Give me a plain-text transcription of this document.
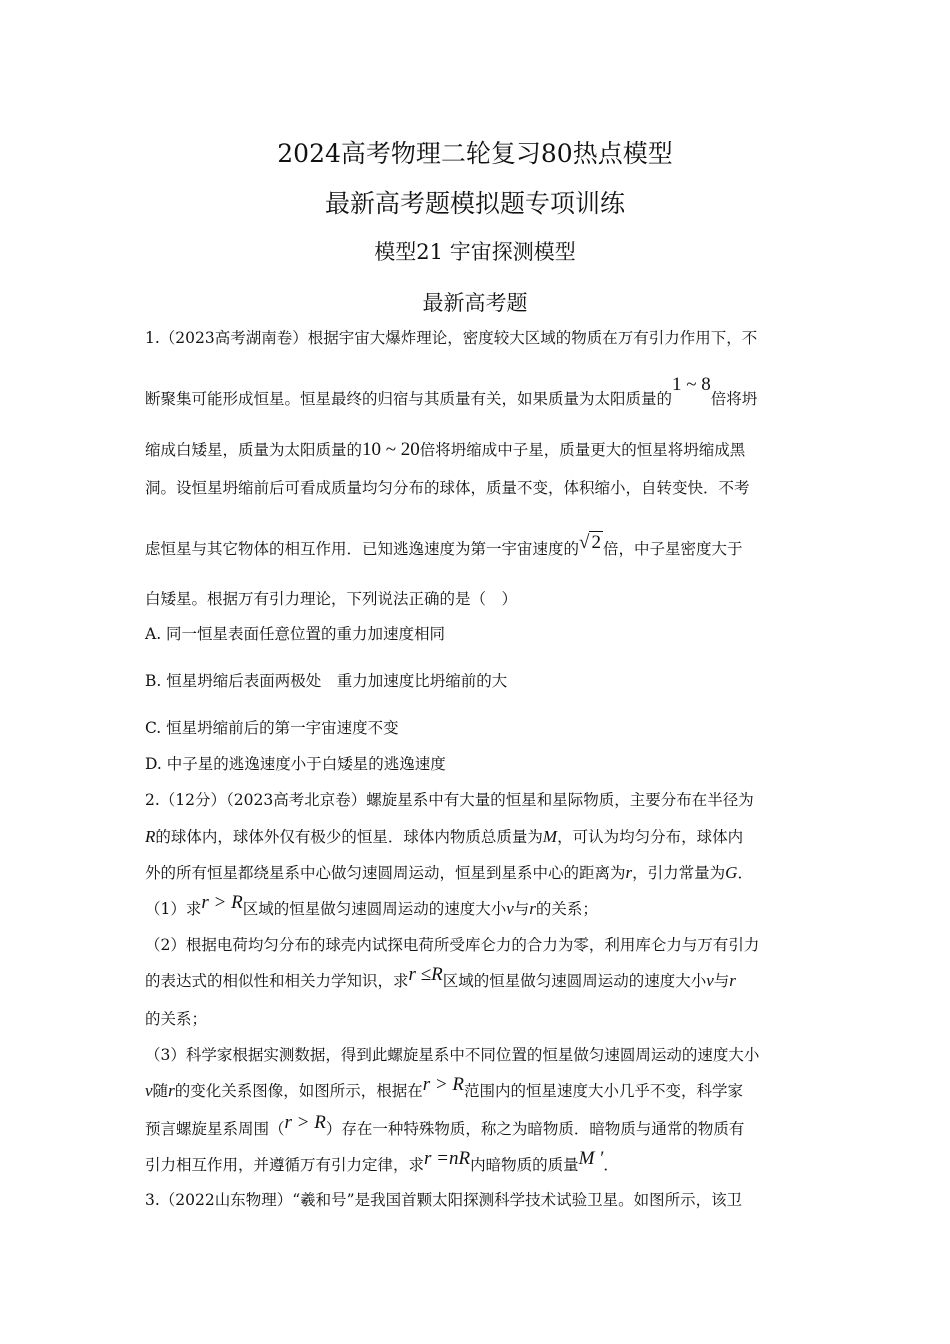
2024高考物理二轮复习80热点模型
最新高考题模拟题专项训练
模型21 宇宙探测模型
最新高考题
1.（2023高考湖南卷）根据宇宙大爆炸理论，密度较大区域的物质在万有引力作用下，不
断聚集可能形成恒星。恒星最终的归宿与其质量有关，如果质量为太阳质量的1 ~ 8倍将坍
缩成白矮星，质量为太阳质量的10 ~ 20倍将坍缩成中子星，质量更大的恒星将坍缩成黑
洞。设恒星坍缩前后可看成质量均匀分布的球体，质量不变，体积缩小，自转变快．不考
虑恒星与其它物体的相互作用．已知逃逸速度为第一宇宙速度的√ 2 倍，中子星密度大于
白矮星。根据万有引力理论，下列说法正确的是（　）
A. 同一恒星表面任意位置的重力加速度相同
B. 恒星坍缩后表面两极处　重力加速度比坍缩前的大
C. 恒星坍缩前后的第一宇宙速度不变
D. 中子星的逃逸速度小于白矮星的逃逸速度
2.（12分）（2023高考北京卷）螺旋星系中有大量的恒星和星际物质，主要分布在半径为
R的球体内，球体外仅有极少的恒星．球体内物质总质量为M，可认为均匀分布，球体内
外的所有恒星都绕星系中心做匀速圆周运动，恒星到星系中心的距离为r，引力常量为G．
（1）求r > R区域的恒星做匀速圆周运动的速度大小v与r的关系；
（2）根据电荷均匀分布的球壳内试探电荷所受库仑力的合力为零，利用库仑力与万有引力
的表达式的相似性和相关力学知识，求r ≤R区域的恒星做匀速圆周运动的速度大小v与r
的关系；
（3）科学家根据实测数据，得到此螺旋星系中不同位置的恒星做匀速圆周运动的速度大小
v随r的变化关系图像，如图所示，根据在r > R范围内的恒星速度大小几乎不变，科学家
预言螺旋星系周围（r > R）存在一种特殊物质，称之为暗物质．暗物质与通常的物质有
引力相互作用，并遵循万有引力定律，求r =nR内暗物质的质量M ′．
3.（2022山东物理）“羲和号”是我国首颗太阳探测科学技术试验卫星。如图所示，该卫
